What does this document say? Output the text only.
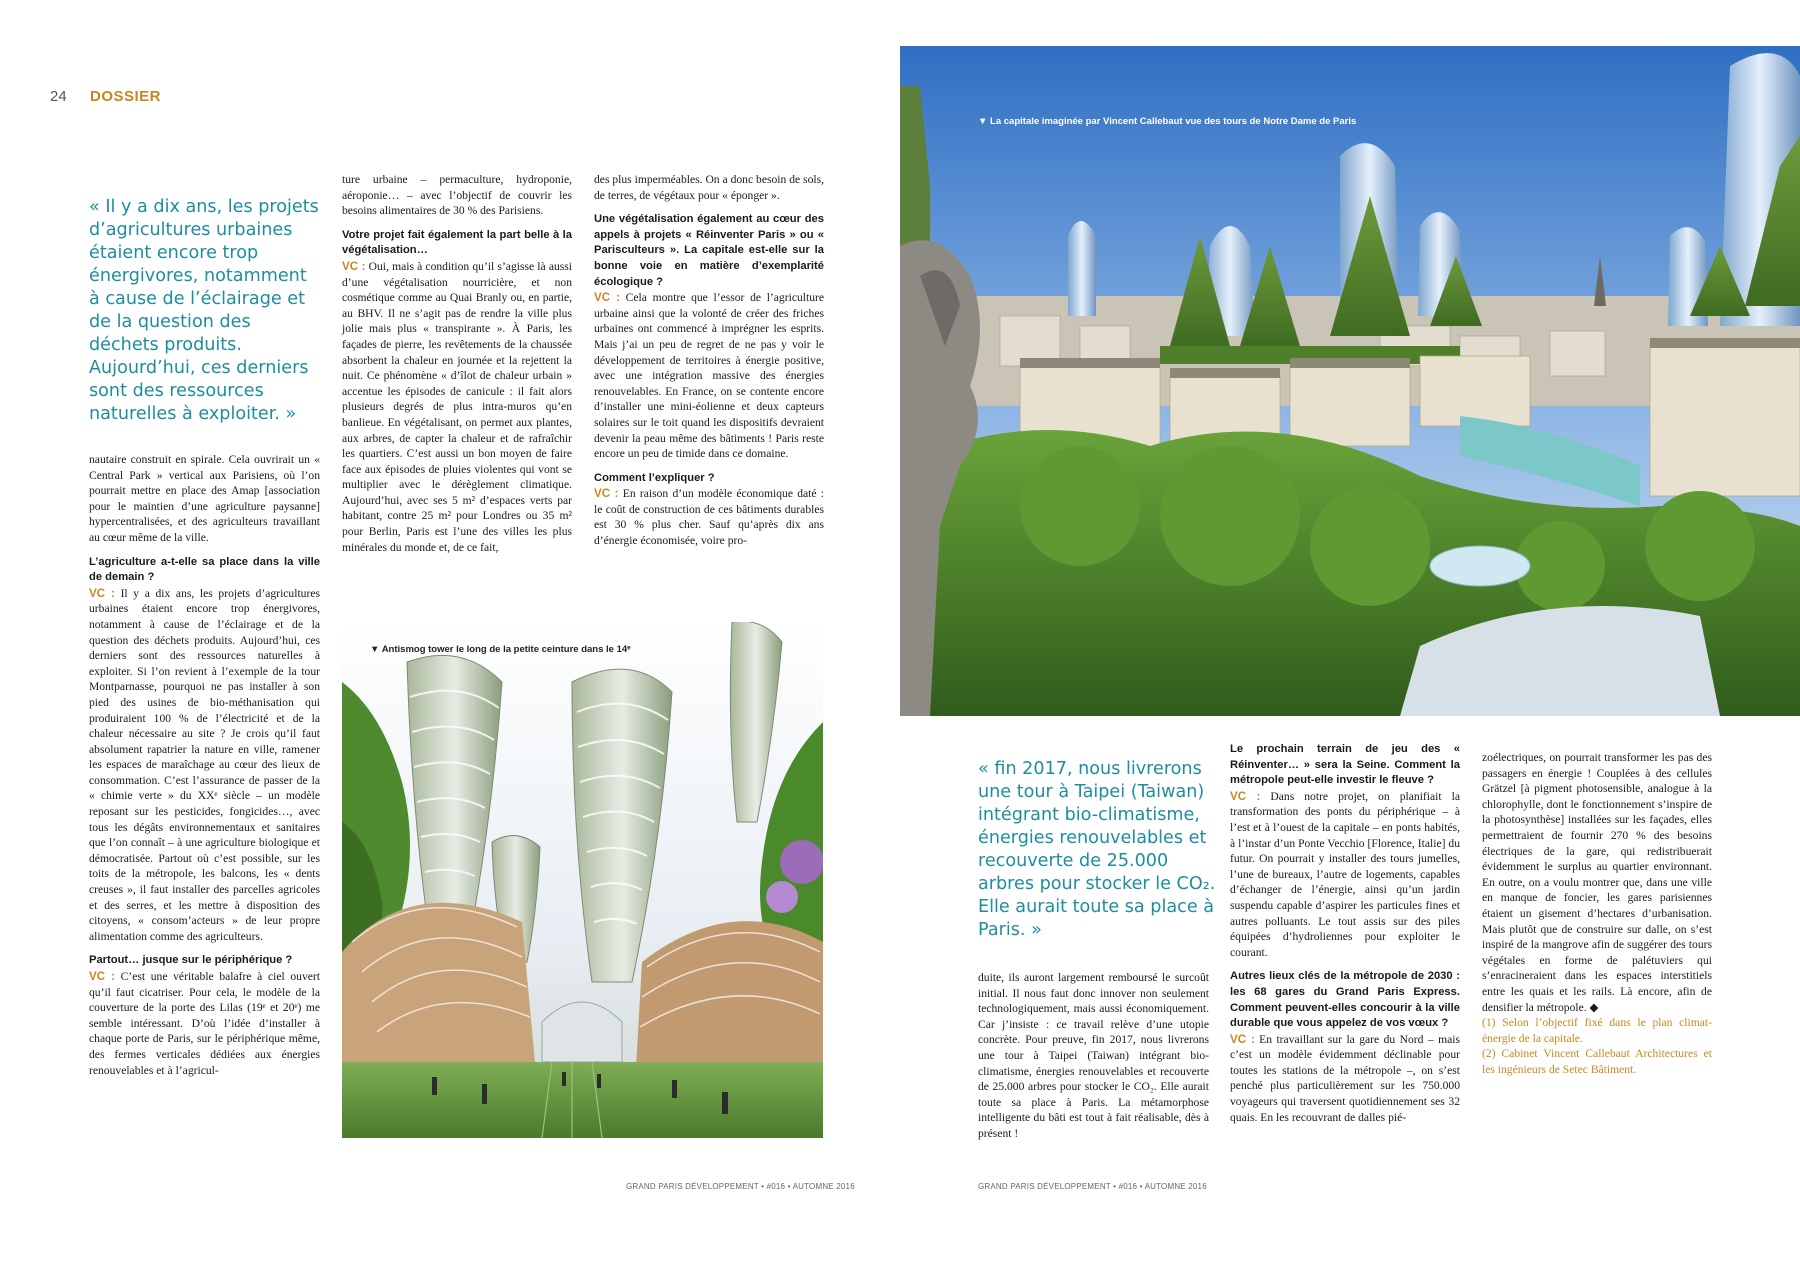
24 DOSSIER
« Il y a dix ans, les projets d’agricultures urbaines étaient encore trop énergivores, notamment à cause de l’éclairage et de la question des déchets produits. Aujourd’hui, ces derniers sont des ressources naturelles à exploiter. »

nautaire construit en spirale. Cela ouvrirait un « Central Park » vertical aux Parisiens, où l’on pourrait mettre en place des Amap [association pour le maintien d’une agriculture paysanne] hypercentralisées, et des agriculteurs travaillant au cœur même de la ville.

L’agriculture a-t-elle sa place dans la ville de demain ?

VC : Il y a dix ans, les projets d’agricultures urbaines étaient encore trop énergivores, notamment à cause de l’éclairage et de la question des déchets produits. Aujourd’hui, ces derniers sont des ressources naturelles à exploiter. Si l’on revient à l’exemple de la tour Montparnasse, pourquoi ne pas installer à son pied des usines de bio-méthanisation qui produiraient 100 % de l’électricité et de la chaleur nécessaire au site ? Je crois qu’il faut absolument rapatrier la nature en ville, ramener les espaces de maraîchage au cœur des lieux de consommation. C’est l’assurance de passer de la « chimie verte » du XXᵉ siècle – un modèle reposant sur les pesticides, fongicides…, avec tous les dégâts environnementaux et sanitaires que l’on connaît – à une agriculture biologique et démocratisée. Partout où c’est possible, sur les toits de la métropole, les balcons, les « dents creuses », il faut installer des parcelles agricoles et des serres, et les mettre à disposition des citoyens, « consom’acteurs » de leur propre alimentation comme des agriculteurs.

Partout… jusque sur le périphérique ?

VC : C’est une véritable balafre à ciel ouvert qu’il faut cicatriser. Pour cela, le modèle de la couverture de la porte des Lilas (19ᵉ et 20ᵉ) me semble intéressant. D’où l’idée d’installer à chaque porte de Paris, sur le périphérique même, des fermes verticales dédiées aux énergies renouvelables et à l’agricul-

ture urbaine – permaculture, hydroponie, aéroponie… – avec l’objectif de couvrir les besoins alimentaires de 30 % des Parisiens.

Votre projet fait également la part belle à la végétalisation…

VC : Oui, mais à condition qu’il s’agisse là aussi d’une végétalisation nourricière, et non cosmétique comme au Quai Branly ou, en partie, au BHV. Il ne s’agit pas de rendre la ville plus jolie mais plus « transpirante ». À Paris, les façades de pierre, les revêtements de la chaussée absorbent la chaleur en journée et la rejettent la nuit. Ce phénomène « d’îlot de chaleur urbain » accentue les épisodes de canicule : il fait alors plusieurs degrés de plus intra-muros qu’en banlieue. En végétalisant, on permet aux plantes, aux arbres, de capter la chaleur et de rafraîchir les quartiers. C’est aussi un bon moyen de faire face aux épisodes de pluies violentes qui vont se multiplier avec le dérèglement climatique. Aujourd’hui, avec ses 5 m² d’espaces verts par habitant, contre 25 m² pour Londres ou 35 m² pour Berlin, Paris est l’une des villes les plus minérales du monde et, de ce fait,

des plus imperméables. On a donc besoin de sols, de terres, de végétaux pour « éponger ».

Une végétalisation également au cœur des appels à projets « Réinventer Paris » ou « Parisculteurs ». La capitale est-elle sur la bonne voie en matière d’exemplarité écologique ?

VC : Cela montre que l’essor de l’agriculture urbaine ainsi que la volonté de créer des friches urbaines ont commencé à imprégner les esprits. Mais j’ai un peu de regret de ne pas y voir le développement de territoires à énergie positive, avec une intégration massive des énergies renouvelables. En France, on se contente encore d’installer une mini-éolienne et deux capteurs solaires sur le toit quand les dispositifs devraient devenir la peau même des bâtiments ! Paris reste encore un peu de timide dans ce domaine.

Comment l’expliquer ?

VC : En raison d’un modèle économique daté : le coût de construction de ces bâtiments durables est 30 % plus cher. Sauf qu’après dix ans d’énergie économisée, voire pro-

▼ Antismog tower le long de la petite ceinture dans le 14ᵉ
▼ La capitale imaginée par Vincent Callebaut vue des tours de Notre Dame de Paris
« fin 2017, nous livrerons une tour à Taipei (Taiwan) intégrant bio-climatisme, énergies renouvelables et recouverte de 25.000 arbres pour stocker le CO₂. Elle aurait toute sa place à Paris. »

duite, ils auront largement remboursé le surcoût initial. Il nous faut donc innover non seulement technologiquement, mais aussi économiquement. Car j’insiste : ce travail relève d’une utopie concrète. Pour preuve, fin 2017, nous livrerons une tour à Taipei (Taiwan) intégrant bio-climatisme, énergies renouvelables et recouverte de 25.000 arbres pour stocker le CO₂. Elle aurait toute sa place à Paris. La métamorphose intelligente du bâti est tout à fait réalisable, dès à présent !

Le prochain terrain de jeu des « Réinventer… » sera la Seine. Comment la métropole peut-elle investir le fleuve ?

VC : Dans notre projet, on planifiait la transformation des ponts du périphérique – à l’est et à l’ouest de la capitale – en ponts habités, à l’instar d’un Ponte Vecchio [Florence, Italie] du futur. On pourrait y installer des tours jumelles, l’une de bureaux, l’autre de logements, capables d’échanger de l’énergie, ainsi qu’un jardin suspendu capable d’aspirer les particules fines et autres polluants. Le tout assis sur des piles équipées d’hydroliennes pour exploiter le courant.

Autres lieux clés de la métropole de 2030 : les 68 gares du Grand Paris Express. Comment peuvent-elles concourir à la ville durable que vous appelez de vos vœux ?

VC : En travaillant sur la gare du Nord – mais c’est un modèle évidemment déclinable pour toutes les stations de la métropole –, on s’est penché plus particulièrement sur les 750.000 voyageurs qui traversent quotidiennement ses 32 quais. En les recouvrant de dalles pié-

zoélectriques, on pourrait transformer les pas des passagers en énergie ! Couplées à des cellules Grätzel [à pigment photosensible, analogue à la chlorophylle, dont le fonctionnement s’inspire de la photosynthèse] installées sur les façades, elles permettraient de fournir 270 % des besoins électriques de la gare, qui redistribuerait évidemment le surplus au quartier environnant. En outre, on a voulu montrer que, dans une ville en manque de foncier, les gares parisiennes étaient un gisement d’hectares d’urbanisation. Mais plutôt que de construire sur dalle, on s’est inspiré de la mangrove afin de suggérer des tours végétales en forme de palétuviers qui s’enracineraient dans les espaces interstitiels entre les quais et les rails. Là encore, afin de densifier la métropole. ◆

(1) Selon l’objectif fixé dans le plan climat-énergie de la capitale.

(2) Cabinet Vincent Callebaut Architectures et les ingénieurs de Setec Bâtiment.

GRAND PARIS DÉVELOPPEMENT • #016 • AUTOMNE 2016	GRAND PARIS DÉVELOPPEMENT • #016 • AUTOMNE 2016
